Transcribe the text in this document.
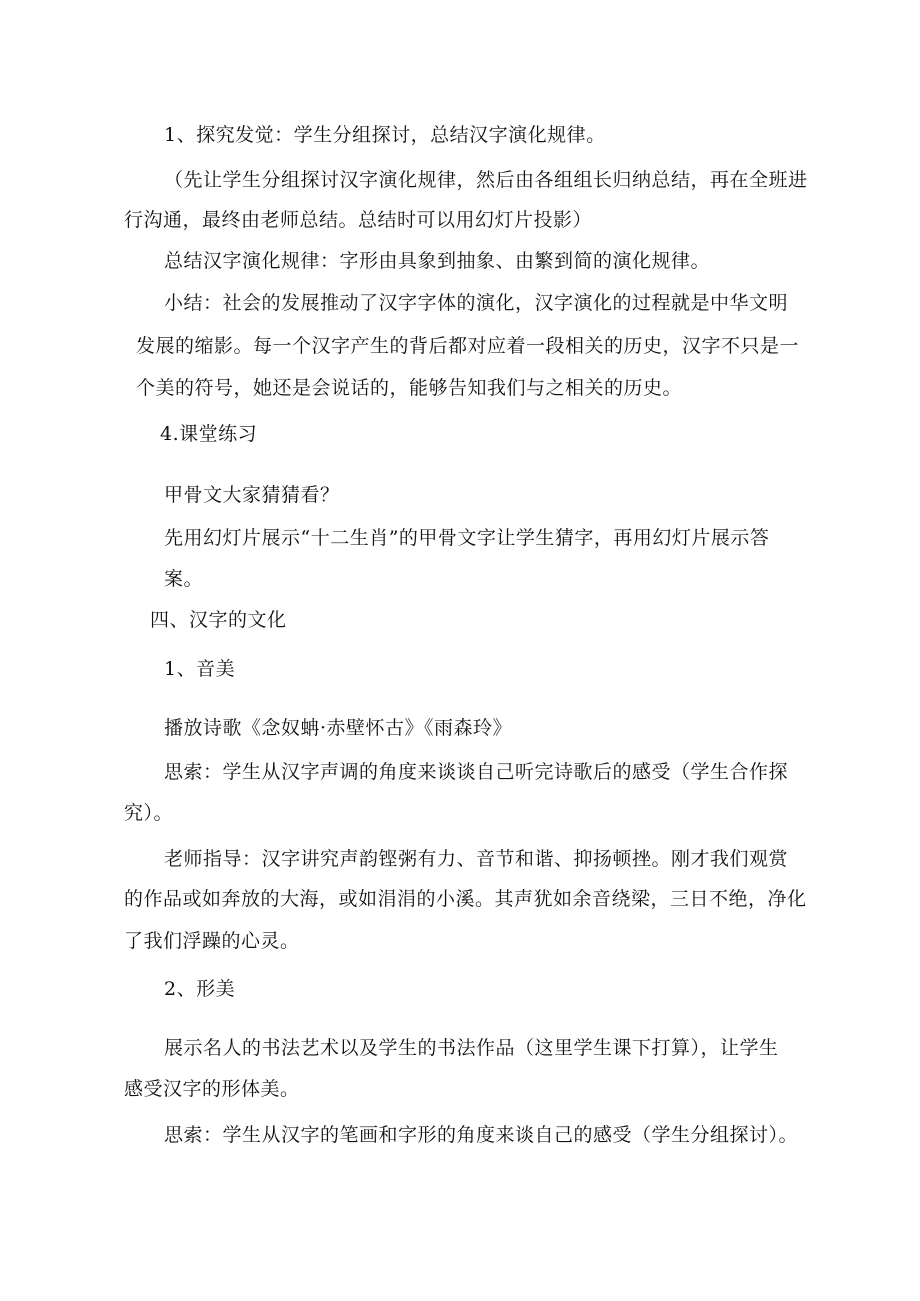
1、探究发觉：学生分组探讨，总结汉字演化规律。
（先让学生分组探讨汉字演化规律，然后由各组组长归纳总结，再在全班进
行沟通，最终由老师总结。总结时可以用幻灯片投影）
总结汉字演化规律：字形由具象到抽象、由繁到简的演化规律。
小结：社会的发展推动了汉字字体的演化，汉字演化的过程就是中华文明
发展的缩影。每一个汉字产生的背后都对应着一段相关的历史，汉字不只是一
个美的符号，她还是会说话的，能够告知我们与之相关的历史。
4.课堂练习
甲骨文大家猜猜看？
先用幻灯片展示“十二生肖”的甲骨文字让学生猜字，再用幻灯片展示答
案。
四、汉字的文化
1、音美
播放诗歌《念奴蚺·赤壁怀古》《雨森玲》
思索：学生从汉字声调的角度来谈谈自己听完诗歌后的感受（学生合作探
究）。
老师指导：汉字讲究声韵铿粥有力、音节和谐、抑扬顿挫。刚才我们观赏
的作品或如奔放的大海，或如涓涓的小溪。其声犹如余音绕梁，三日不绝，净化
了我们浮躁的心灵。
2、形美
展示名人的书法艺术以及学生的书法作品（这里学生课下打算），让学生
感受汉字的形体美。
思索：学生从汉字的笔画和字形的角度来谈自己的感受（学生分组探讨）。
